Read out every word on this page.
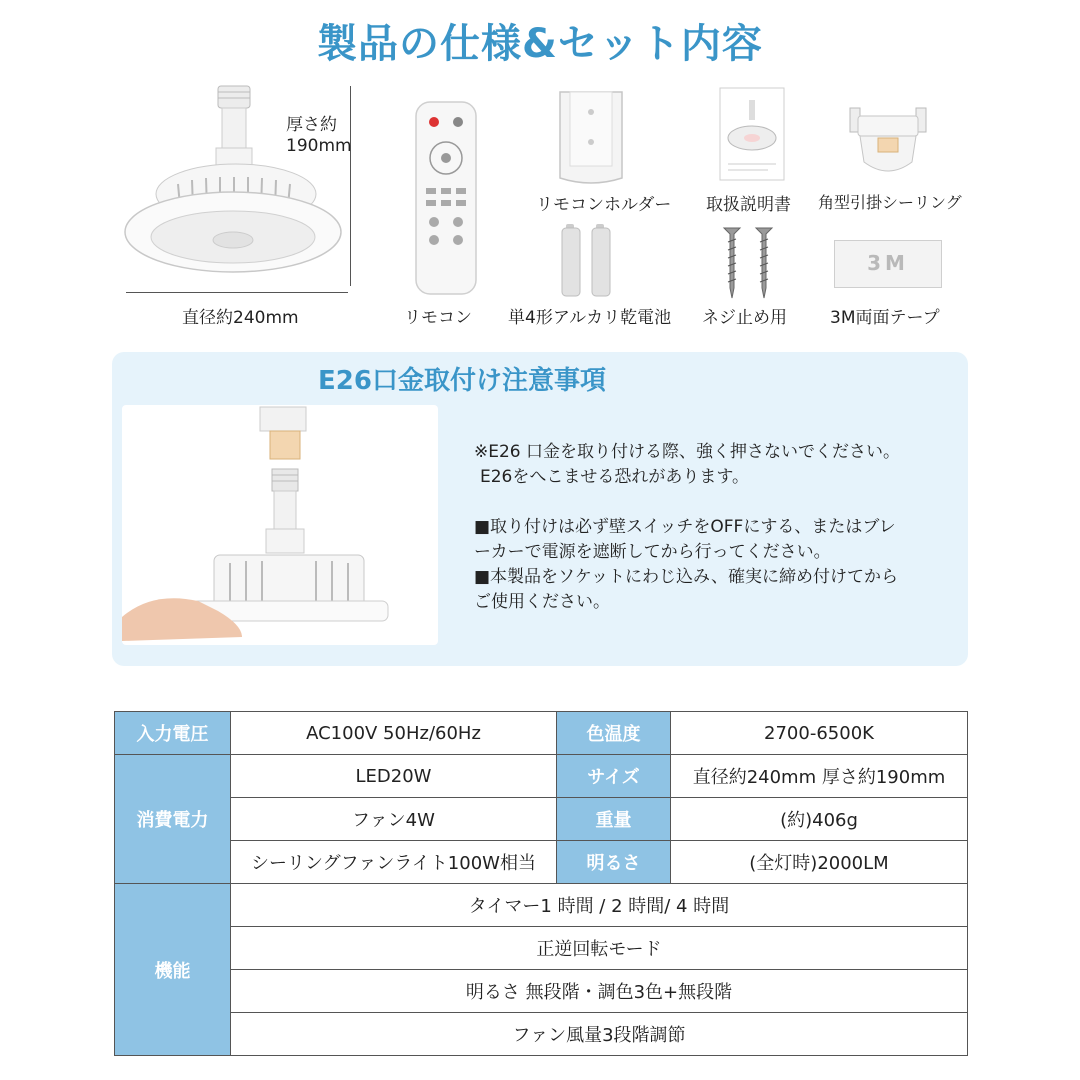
製品の仕様&セット内容
厚さ約
190mm
直径約240mm	リモコン
リモコンホルダー 取扱説明書 角型引掛シーリング
単4形アルカリ乾電池 ネジ止め用
3M
3M両面テープ
E26口金取付け注意事項

※E26 口金を取り付ける際、強く押さないでください。

E26をへこませる恐れがあります。

■取り付けは必ず壁スイッチをOFFにする、またはブレ

ーカーで電源を遮断してから行ってください。

■本製品をソケットにわじ込み、確実に締め付けてから

ご使用ください。

入力電圧	AC100V 50Hz/60Hz	色温度	2700-6500K
消費電力	LED20W	サイズ	直径約240mm 厚さ約190mm
	ファン4W	重量	(約)406g
	シーリングファンライト100W相当	明るさ	(全灯時)2000LM
機能	タイマー1 時間 / 2 時間/ 4 時間		
	正逆回転モード		
	明るさ 無段階・調色3色+無段階		
	ファン風量3段階調節		
